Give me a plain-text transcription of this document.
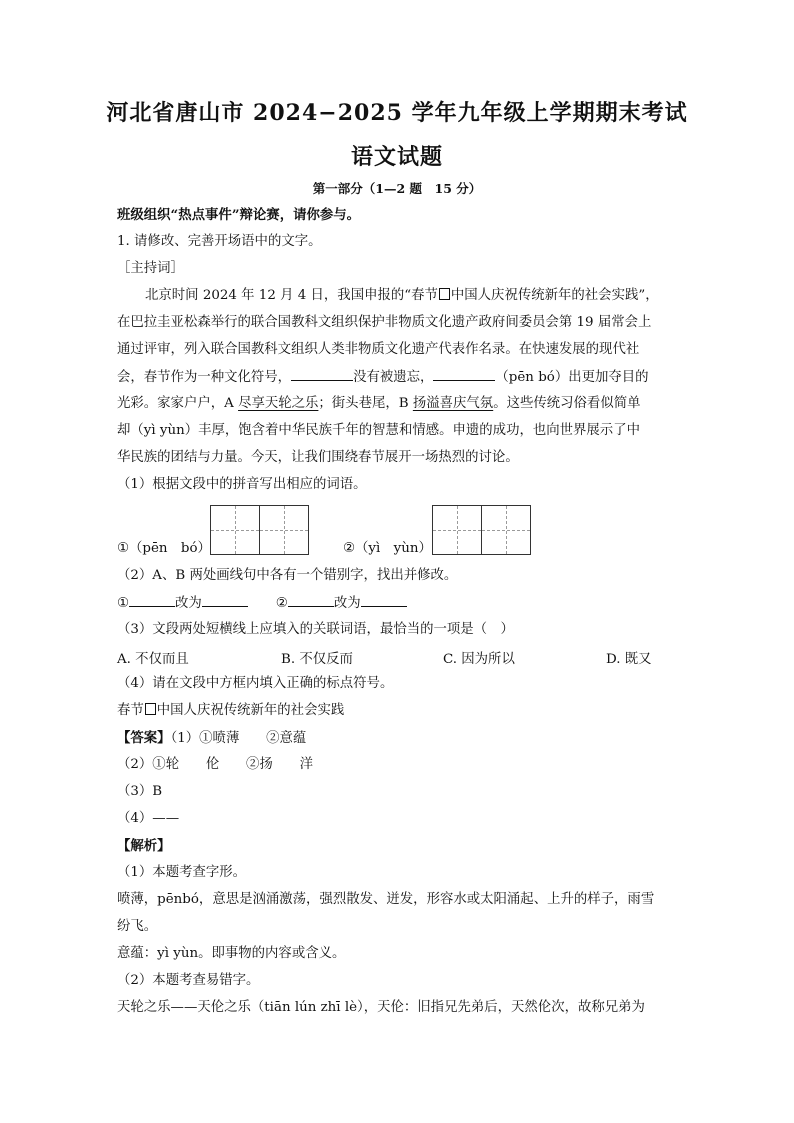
河北省唐山市 2024−2025 学年九年级上学期期末考试
语文试题
第一部分（1—2 题　15 分）
班级组织“热点事件”辩论赛，请你参与。
1. 请修改、完善开场语中的文字。
［主持词］
北京时间 2024 年 12 月 4 日，我国申报的“春节 中国人庆祝传统新年的社会实践”，
在巴拉圭亚松森举行的联合国教科文组织保护非物质文化遗产政府间委员会第 19 届常会上
通过评审，列入联合国教科文组织人类非物质文化遗产代表作名录。在快速发展的现代社
会，春节作为一种文化符号，	没有被遗忘，	（pēn bó）出更加夺目的
光彩。家家户户，A 尽享天轮之乐；街头巷尾，B 扬溢喜庆气氛。这些传统习俗看似简单
却（yì yùn）丰厚，饱含着中华民族千年的智慧和情感。申遗的成功，也向世界展示了中
华民族的团结与力量。今天，让我们围绕春节展开一场热烈的讨论。
（1）根据文段中的拼音写出相应的词语。
①（pēn　bó）	②（yì　yùn）
（2）A、B 两处画线句中各有一个错别字，找出并修改。
①	改为	②	改为
（3）文段两处短横线上应填入的关联词语，最恰当的一项是（　）
A. 不仅而且	B. 不仅反而	C. 因为所以	D. 既又
（4）请在文段中方框内填入正确的标点符号。
春节 中国人庆祝传统新年的社会实践
【答案】（1）①喷薄　　②意蕴
（2）①轮　　伦　　②扬　　洋
（3）B
（4）——
【解析】
（1）本题考查字形。
喷薄，pēnbó，意思是汹涌激荡，强烈散发、迸发，形容水或太阳涌起、上升的样子，雨雪
纷飞。
意蕴：yì yùn。即事物的内容或含义。
（2）本题考查易错字。
天轮之乐——天伦之乐（tiān lún zhī lè），天伦：旧指兄先弟后，天然伦次，故称兄弟为
